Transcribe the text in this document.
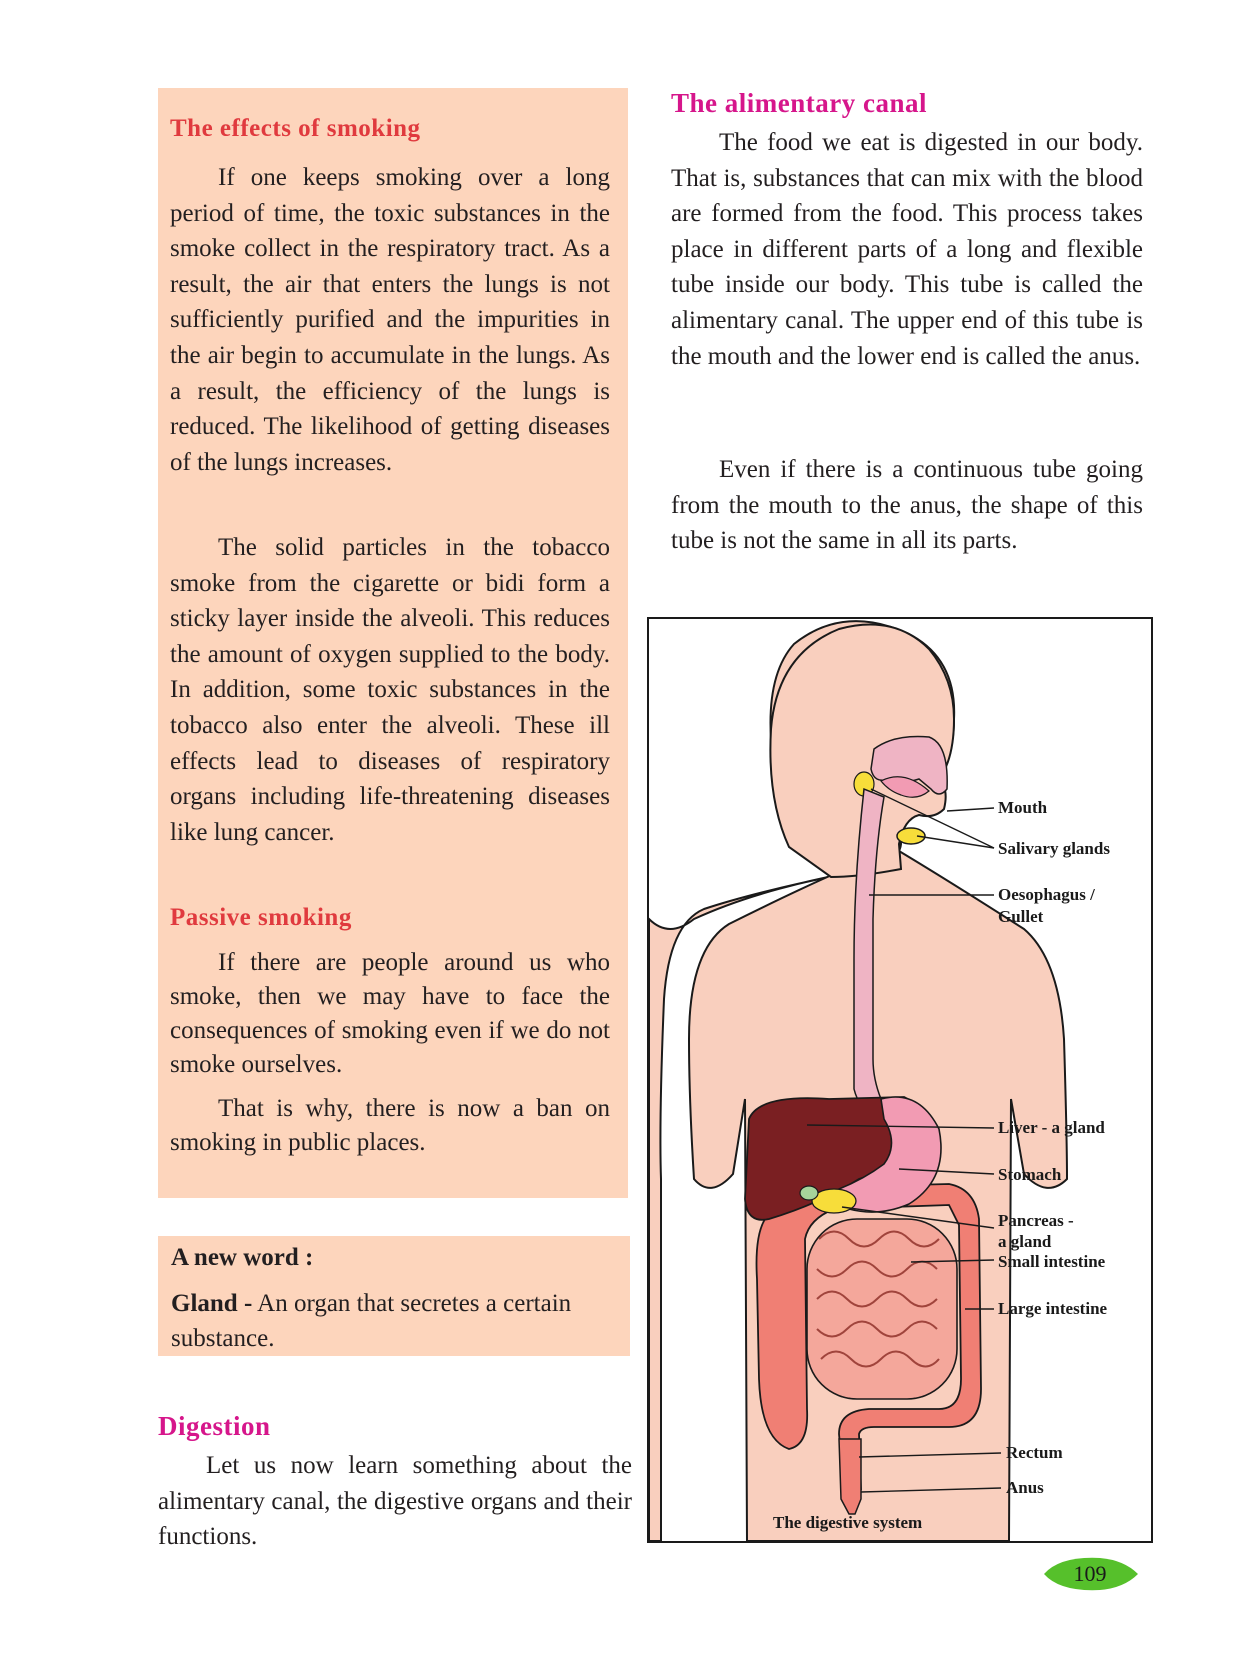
The effects of smoking

If one keeps smoking over a long period of time, the toxic substances in the smoke collect in the respiratory tract. As a result, the air that enters the lungs is not sufficiently purified and the impurities in the air begin to accumulate in the lungs. As a result, the efficiency of the lungs is reduced. The likelihood of getting diseases of the lungs increases.

The solid particles in the tobacco smoke from the cigarette or bidi form a sticky layer inside the alveoli. This reduces the amount of oxygen supplied to the body. In addition, some toxic substances in the tobacco also enter the alveoli. These ill effects lead to diseases of respiratory organs including life-threatening diseases like lung cancer.

Passive smoking

If there are people around us who smoke, then we may have to face the consequences of smoking even if we do not smoke ourselves.

That is why, there is now a ban on smoking in public places.

A new word :

Gland - An organ that secretes a certain substance.

Digestion

Let us now learn something about the alimentary canal, the digestive organs and their functions.

The alimentary canal

The food we eat is digested in our body. That is, substances that can mix with the blood are formed from the food. This process takes place in different parts of a long and flexible tube inside our body. This tube is called the alimentary canal. The upper end of this tube is the mouth and the lower end is called the anus.

Even if there is a continuous tube going from the mouth to the anus, the shape of this tube is not the same in all its parts.

Mouth
Salivary glands
Oesophagus /
Gullet
Liver - a gland
Stomach
Pancreas -
a gland
Small intestine
Large intestine
Rectum
Anus
The digestive system
109
